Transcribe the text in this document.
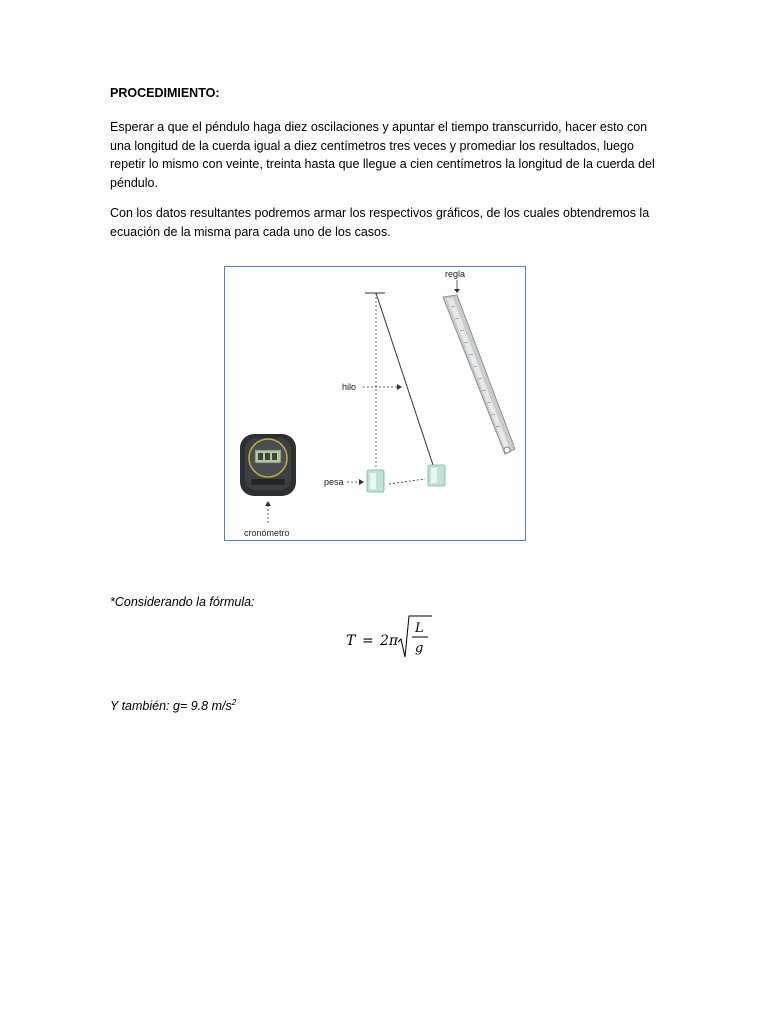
PROCEDIMIENTO:

Esperar a que el péndulo haga diez oscilaciones y apuntar el tiempo transcurrido, hacer esto con una longitud de la cuerda igual a diez centímetros tres veces y promediar los resultados, luego repetir lo mismo con veinte, treinta hasta que llegue a cien centímetros la longitud de la cuerda del péndulo.

Con los datos resultantes podremos armar los respectivos gráficos, de los cuales obtendremos la ecuación de la misma para cada uno de los casos.

regla
hilo
pesa
cronómetro
*Considerando la fórmula:
T = 2π
L
g
Y también: g= 9.8 $m/s^2$
